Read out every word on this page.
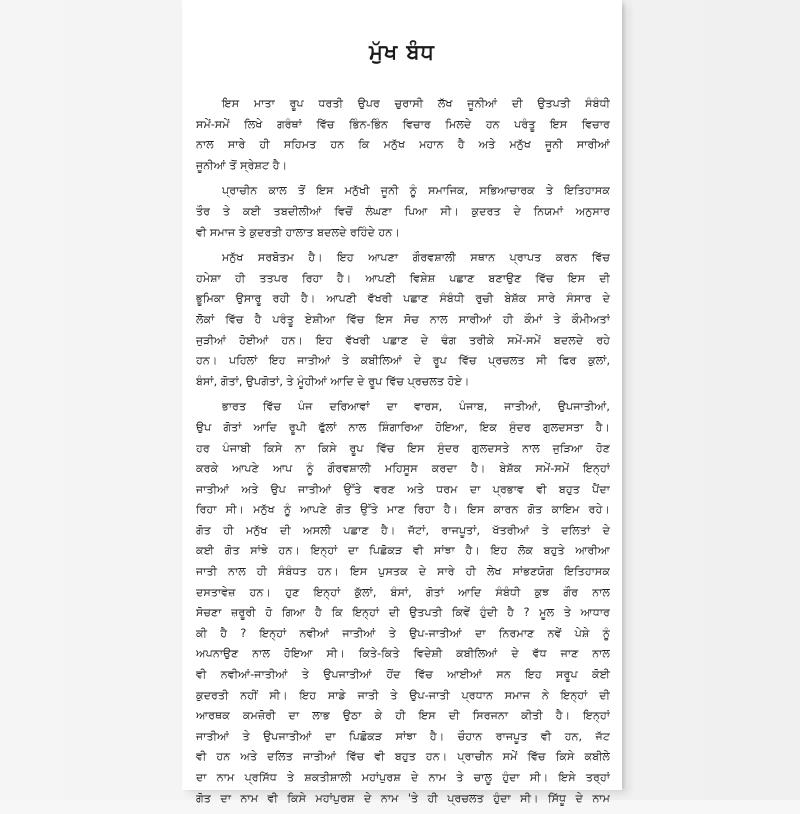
ਮੁੱਖ ਬੰਧ
ਇਸ ਮਾਤਾ ਰੂਪ ਧਰਤੀ ਉਪਰ ਚੁਰਾਸੀ ਲੱਖ ਜੂਨੀਆਂ ਦੀ ਉਤਪਤੀ ਸੰਬੰਧੀ
ਸਮੇਂ-ਸਮੇਂ ਲਿਖੇ ਗਰੰਥਾਂ ਵਿੱਚ ਭਿੰਨ-ਭਿੰਨ ਵਿਚਾਰ ਮਿਲਦੇ ਹਨ ਪਰੰਤੂ ਇਸ ਵਿਚਾਰ
ਨਾਲ ਸਾਰੇ ਹੀ ਸਹਿਮਤ ਹਨ ਕਿ ਮਨੁੱਖ ਮਹਾਨ ਹੈ ਅਤੇ ਮਨੁੱਖ ਜੂਨੀ ਸਾਰੀਆਂ
ਜੂਨੀਆਂ ਤੋਂ ਸ੍ਰੇਸ਼ਟ ਹੈ।
ਪ੍ਰਾਚੀਨ ਕਾਲ ਤੋਂ ਇਸ ਮਨੁੱਖੀ ਜੂਨੀ ਨੂੰ ਸਮਾਜਿਕ, ਸਭਿਆਚਾਰਕ ਤੇ ਇਤਿਹਾਸਕ
ਤੌਰ ਤੇ ਕਈ ਤਬਦੀਲੀਆਂ ਵਿਚੋਂ ਲੰਘਣਾ ਪਿਆ ਸੀ। ਕੁਦਰਤ ਦੇ ਨਿਯਮਾਂ ਅਨੁਸਾਰ
ਵੀ ਸਮਾਜ ਤੇ ਕੁਦਰਤੀ ਹਾਲਾਤ ਬਦਲਦੇ ਰਹਿੰਦੇ ਹਨ।
ਮਨੁੱਖ ਸਰਬੋਤਮ ਹੈ। ਇਹ ਆਪਣਾ ਗੌਰਵਸ਼ਾਲੀ ਸਥਾਨ ਪ੍ਰਾਪਤ ਕਰਨ ਵਿੱਚ
ਹਮੇਸ਼ਾ ਹੀ ਤਤਪਰ ਰਿਹਾ ਹੈ। ਆਪਣੀ ਵਿਸ਼ੇਸ਼ ਪਛਾਣ ਬਣਾਉਣ ਵਿੱਚ ਇਸ ਦੀ
ਭੂਮਿਕਾ ਉਸਾਰੂ ਰਹੀ ਹੈ। ਆਪਣੀ ਵੱਖਰੀ ਪਛਾਣ ਸੰਬੰਧੀ ਰੁਚੀ ਬੇਸ਼ੱਕ ਸਾਰੇ ਸੰਸਾਰ ਦੇ
ਲੋਕਾਂ ਵਿੱਚ ਹੈ ਪਰੰਤੂ ਏਸ਼ੀਆ ਵਿੱਚ ਇਸ ਸੋਚ ਨਾਲ ਸਾਰੀਆਂ ਹੀ ਕੌਮਾਂ ਤੇ ਕੌਮੀਅਤਾਂ
ਜੁੜੀਆਂ ਹੋਈਆਂ ਹਨ। ਇਹ ਵੱਖਰੀ ਪਛਾਣ ਦੇ ਢੰਗ ਤਰੀਕੇ ਸਮੇਂ-ਸਮੇਂ ਬਦਲਦੇ ਰਹੇ
ਹਨ। ਪਹਿਲਾਂ ਇਹ ਜਾਤੀਆਂ ਤੇ ਕਬੀਲਿਆਂ ਦੇ ਰੂਪ ਵਿੱਚ ਪ੍ਰਚਲਤ ਸੀ ਫਿਰ ਕੁਲਾਂ,
ਬੰਸਾਂ, ਗੋਤਾਂ, ਉਪਗੋਤਾਂ, ਤੇ ਮੂੰਹੀਆਂ ਆਦਿ ਦੇ ਰੂਪ ਵਿੱਚ ਪ੍ਰਚਲਤ ਹੋਏ।
ਭਾਰਤ ਵਿੱਚ ਪੰਜ ਦਰਿਆਵਾਂ ਦਾ ਵਾਰਸ, ਪੰਜਾਬ, ਜਾਤੀਆਂ, ਉਪਜਾਤੀਆਂ,
ਉਪ ਗੋਤਾਂ ਆਦਿ ਰੂਪੀ ਫੁੱਲਾਂ ਨਾਲ ਸ਼ਿੰਗਾਰਿਆ ਹੋਇਆ, ਇਕ ਸੁੰਦਰ ਗੁਲਦਸਤਾ ਹੈ।
ਹਰ ਪੰਜਾਬੀ ਕਿਸੇ ਨਾ ਕਿਸੇ ਰੂਪ ਵਿੱਚ ਇਸ ਸੁੰਦਰ ਗੁਲਦਸਤੇ ਨਾਲ ਜੁੜਿਆ ਹੋਣ
ਕਰਕੇ ਆਪਣੇ ਆਪ ਨੂੰ ਗੌਰਵਸ਼ਾਲੀ ਮਹਿਸੂਸ ਕਰਦਾ ਹੈ। ਬੇਸ਼ੱਕ ਸਮੇਂ-ਸਮੇਂ ਇਨ੍ਹਾਂ
ਜਾਤੀਆਂ ਅਤੇ ਉਪ ਜਾਤੀਆਂ ਉੱਤੇ ਵਰਣ ਅਤੇ ਧਰਮ ਦਾ ਪ੍ਰਭਾਵ ਵੀ ਬਹੁਤ ਪੈਂਦਾ
ਰਿਹਾ ਸੀ। ਮਨੁੱਖ ਨੂੰ ਆਪਣੇ ਗੋਤ ਉੱਤੇ ਮਾਣ ਰਿਹਾ ਹੈ। ਇਸ ਕਾਰਨ ਗੋਤ ਕਾਇਮ ਰਹੇ।
ਗੋਤ ਹੀ ਮਨੁੱਖ ਦੀ ਅਸਲੀ ਪਛਾਣ ਹੈ। ਜੱਟਾਂ, ਰਾਜਪੂਤਾਂ, ਖੱਤਰੀਆਂ ਤੇ ਦਲਿਤਾਂ ਦੇ
ਕਈ ਗੋਤ ਸਾਂਝੇ ਹਨ। ਇਨ੍ਹਾਂ ਦਾ ਪਿਛੋਕੜ ਵੀ ਸਾਂਝਾ ਹੈ। ਇਹ ਲੋਕ ਬਹੁਤੇ ਆਰੀਆ
ਜਾਤੀ ਨਾਲ ਹੀ ਸੰਬੰਧਤ ਹਨ। ਇਸ ਪੁਸਤਕ ਦੇ ਸਾਰੇ ਹੀ ਲੇਖ ਸਾਂਭਣਯੋਗ ਇਤਿਹਾਸਕ
ਦਸਤਾਵੇਜ਼ ਹਨ। ਹੁਣ ਇਨ੍ਹਾਂ ਕੁੱਲਾਂ, ਬੰਸਾਂ, ਗੋਤਾਂ ਆਦਿ ਸੰਬੰਧੀ ਕੁਝ ਗੌਰ ਨਾਲ
ਸੋਚਣਾ ਜ਼ਰੂਰੀ ਹੋ ਗਿਆ ਹੈ ਕਿ ਇਨ੍ਹਾਂ ਦੀ ਉਤਪਤੀ ਕਿਵੇਂ ਹੁੰਦੀ ਹੈ ? ਮੂਲ ਤੇ ਆਧਾਰ
ਕੀ ਹੈ ? ਇਨ੍ਹਾਂ ਨਵੀਆਂ ਜਾਤੀਆਂ ਤੇ ਉਪ-ਜਾਤੀਆਂ ਦਾ ਨਿਰਮਾਣ ਨਵੇਂ ਪੇਸ਼ੇ ਨੂੰ
ਅਪਨਾਉਣ ਨਾਲ ਹੋਇਆ ਸੀ। ਕਿਤੇ-ਕਿਤੇ ਵਿਦੇਸ਼ੀ ਕਬੀਲਿਆਂ ਦੇ ਵੱਧ ਜਾਣ ਨਾਲ
ਵੀ ਨਵੀਆਂ-ਜਾਤੀਆਂ ਤੇ ਉਪਜਾਤੀਆਂ ਹੋਂਦ ਵਿੱਚ ਆਈਆਂ ਸਨ ਇਹ ਸਰੂਪ ਕੋਈ
ਕੁਦਰਤੀ ਨਹੀਂ ਸੀ। ਇਹ ਸਾਡੇ ਜਾਤੀ ਤੇ ਉਪ-ਜਾਤੀ ਪ੍ਰਧਾਨ ਸਮਾਜ ਨੇ ਇਨ੍ਹਾਂ ਦੀ
ਆਰਥਕ ਕਮਜ਼ੋਰੀ ਦਾ ਲਾਭ ਉਠਾ ਕੇ ਹੀ ਇਸ ਦੀ ਸਿਰਜਨਾ ਕੀਤੀ ਹੈ। ਇਨ੍ਹਾਂ
ਜਾਤੀਆਂ ਤੇ ਉਪਜਾਤੀਆਂ ਦਾ ਪਿਛੋਕੜ ਸਾਂਝਾ ਹੈ। ਚੌਹਾਨ ਰਾਜਪੂਤ ਵੀ ਹਨ, ਜੱਟ
ਵੀ ਹਨ ਅਤੇ ਦਲਿਤ ਜਾਤੀਆਂ ਵਿੱਚ ਵੀ ਬਹੁਤ ਹਨ। ਪ੍ਰਾਚੀਨ ਸਮੇਂ ਵਿੱਚ ਕਿਸੇ ਕਬੀਲੇ
ਦਾ ਨਾਮ ਪ੍ਰਸਿੱਧ ਤੇ ਸ਼ਕਤੀਸ਼ਾਲੀ ਮਹਾਂਪੁਰਸ਼ ਦੇ ਨਾਮ ਤੇ ਚਾਲੂ ਹੁੰਦਾ ਸੀ। ਇਸੇ ਤਰ੍ਹਾਂ
ਗੋਤ ਦਾ ਨਾਮ ਵੀ ਕਿਸੇ ਮਹਾਂਪੁਰਸ਼ ਦੇ ਨਾਮ 'ਤੇ ਹੀ ਪ੍ਰਚਲਤ ਹੁੰਦਾ ਸੀ। ਸਿੱਧੂ ਦੇ ਨਾਮ
